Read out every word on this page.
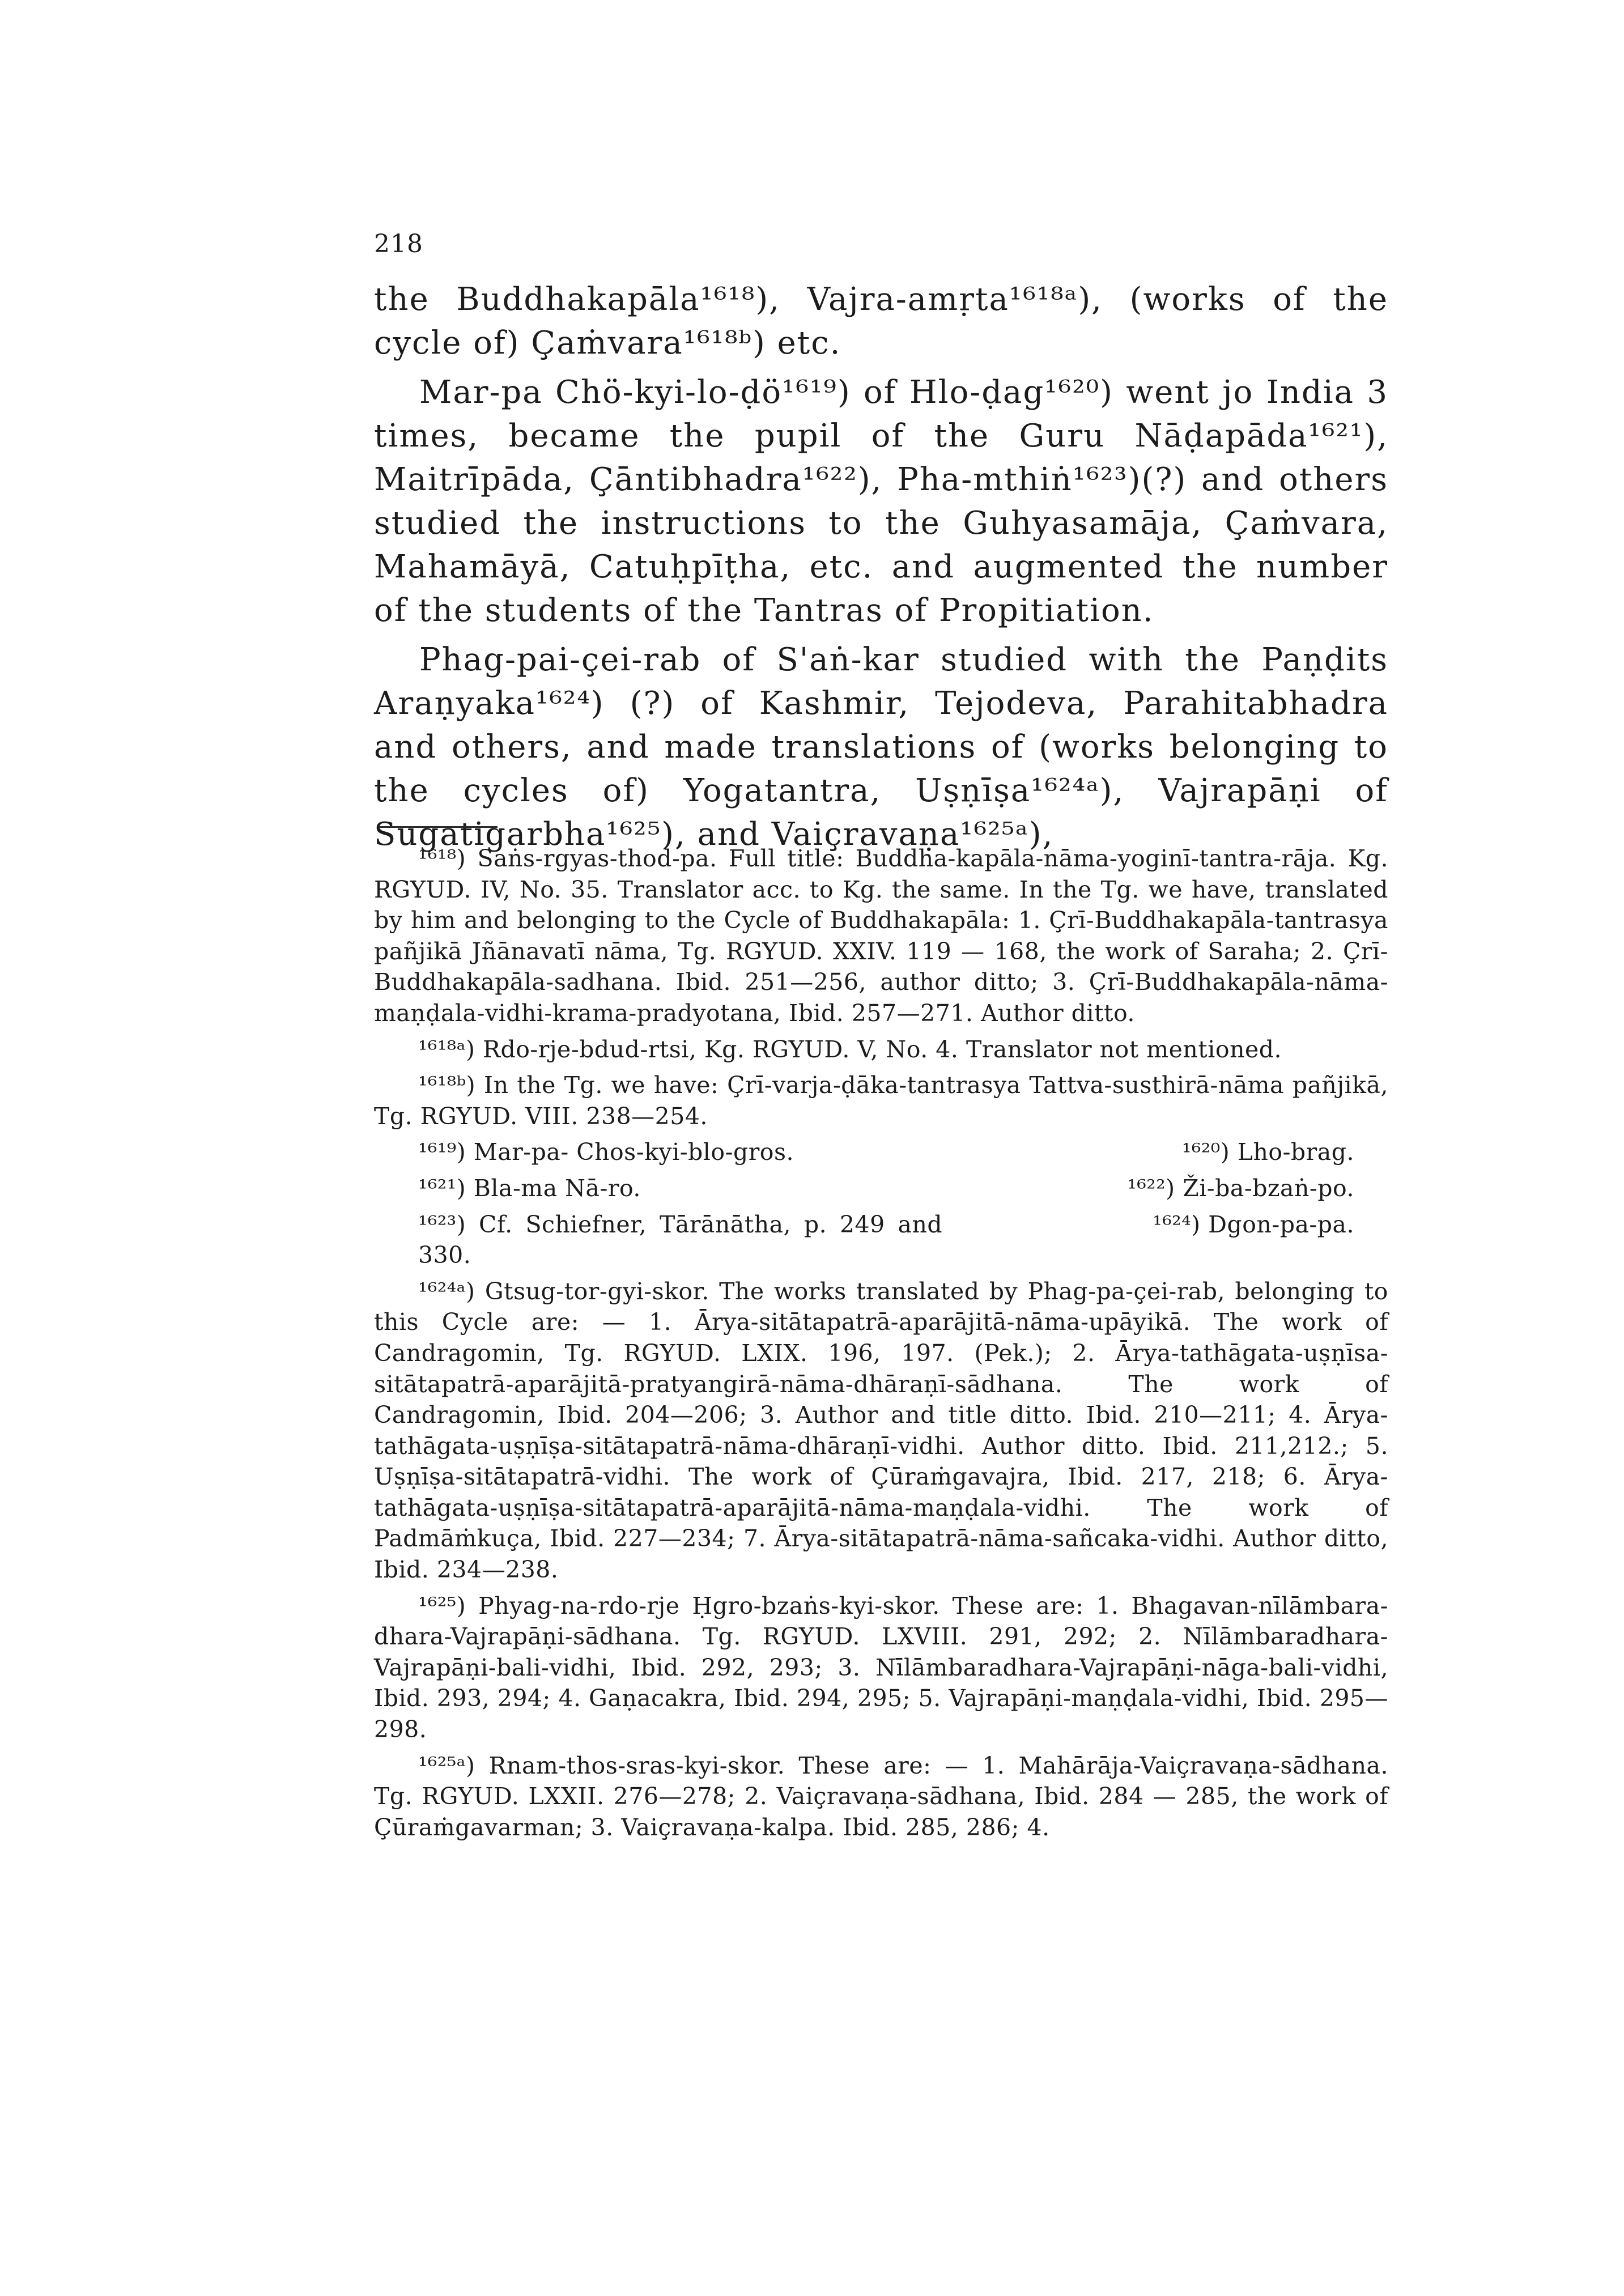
218

the Buddhakapāla¹⁶¹⁸), Vajra-amṛta¹⁶¹⁸ᵃ), (works of the cycle of) Çaṁvara¹⁶¹⁸ᵇ) etc.

Mar-pa Chö-kyi-lo-ḍö¹⁶¹⁹) of Hlo-ḍag¹⁶²⁰) went jo India 3 times, became the pupil of the Guru Nāḍapāda¹⁶²¹), Maitrīpāda, Çāntibhadra¹⁶²²), Pha-mthiṅ¹⁶²³)(?) and others studied the instructions to the Guhyasamāja, Çaṁvara, Mahamāyā, Catuḥpīṭha, etc. and augmented the number of the students of the Tantras of Propitiation.

Phag-pai-çei-rab of S'aṅ-kar studied with the Paṇḍits Araṇyaka¹⁶²⁴) (?) of Kashmir, Tejodeva, Parahitabhadra and others, and made translations of (works belonging to the cycles of) Yogatantra, Uṣṇīṣa¹⁶²⁴ᵃ), Vajrapāṇi of Sugatigarbha¹⁶²⁵), and Vaiçravaṇa¹⁶²⁵ᵃ),

¹⁶¹⁸) Saṅs-rgyas-thod-pa. Full title: Buddha-kapāla-nāma-yoginī-tantra-rāja. Kg. RGYUD. IV, No. 35. Translator acc. to Kg. the same. In the Tg. we have, translated by him and belonging to the Cycle of Buddhakapāla: 1. Çrī-Buddhakapāla-tantrasya pañjikā Jñānavatī nāma, Tg. RGYUD. XXIV. 119 — 168, the work of Saraha; 2. Çrī-Buddhakapāla-sadhana. Ibid. 251—256, author ditto; 3. Çrī-Buddhakapāla-nāma-maṇḍala-vidhi-krama-pradyotana, Ibid. 257—271. Author ditto.

¹⁶¹⁸ᵃ) Rdo-rje-bdud-rtsi, Kg. RGYUD. V, No. 4. Translator not mentioned.

¹⁶¹⁸ᵇ) In the Tg. we have: Çrī-varja-ḍāka-tantrasya Tattva-susthirā-nāma pañjikā, Tg. RGYUD. VIII. 238—254.

¹⁶¹⁹) Mar-pa- Chos-kyi-blo-gros.	¹⁶²⁰) Lho-brag.

¹⁶²¹) Bla-ma Nā-ro.	¹⁶²²) Ži-ba-bzaṅ-po.

¹⁶²³) Cf. Schiefner, Tārānātha, p. 249 and 330.
¹⁶²⁴) Dgon-pa-pa.

¹⁶²⁴ᵃ) Gtsug-tor-gyi-skor. The works translated by Phag-pa-çei-rab, belonging to this Cycle are: — 1. Ārya-sitātapatrā-aparājitā-nāma-upāyikā. The work of Candragomin, Tg. RGYUD. LXIX. 196, 197. (Pek.); 2. Ārya-tathāgata-uṣṇīsa-sitātapatrā-aparājitā-pratyangirā-nāma-dhāraṇī-sādhana. The work of Candragomin, Ibid. 204—206; 3. Author and title ditto. Ibid. 210—211; 4. Ārya-tathāgata-uṣṇīṣa-sitātapatrā-nāma-dhāraṇī-vidhi. Author ditto. Ibid. 211,212.; 5. Uṣṇīṣa-sitātapatrā-vidhi. The work of Çūraṁgavajra, Ibid. 217, 218; 6. Ārya-tathāgata-uṣṇīṣa-sitātapatrā-aparājitā-nāma-maṇḍala-vidhi. The work of Padmāṁkuça, Ibid. 227—234; 7. Ārya-sitātapatrā-nāma-sañcaka-vidhi. Author ditto, Ibid. 234—238.

¹⁶²⁵) Phyag-na-rdo-rje Ḥgro-bzaṅs-kyi-skor. These are: 1. Bhagavan-nīlāmbara-dhara-Vajrapāṇi-sādhana. Tg. RGYUD. LXVIII. 291, 292; 2. Nīlāmbaradhara-Vajrapāṇi-bali-vidhi, Ibid. 292, 293; 3. Nīlāmbaradhara-Vajrapāṇi-nāga-bali-vidhi, Ibid. 293, 294; 4. Gaṇacakra, Ibid. 294, 295; 5. Vajrapāṇi-maṇḍala-vidhi, Ibid. 295—298.

¹⁶²⁵ᵃ) Rnam-thos-sras-kyi-skor. These are: — 1. Mahārāja-Vaiçravaṇa-sādhana. Tg. RGYUD. LXXII. 276—278; 2. Vaiçravaṇa-sādhana, Ibid. 284 — 285, the work of Çūraṁgavarman; 3. Vaiçravaṇa-kalpa. Ibid. 285, 286; 4.
